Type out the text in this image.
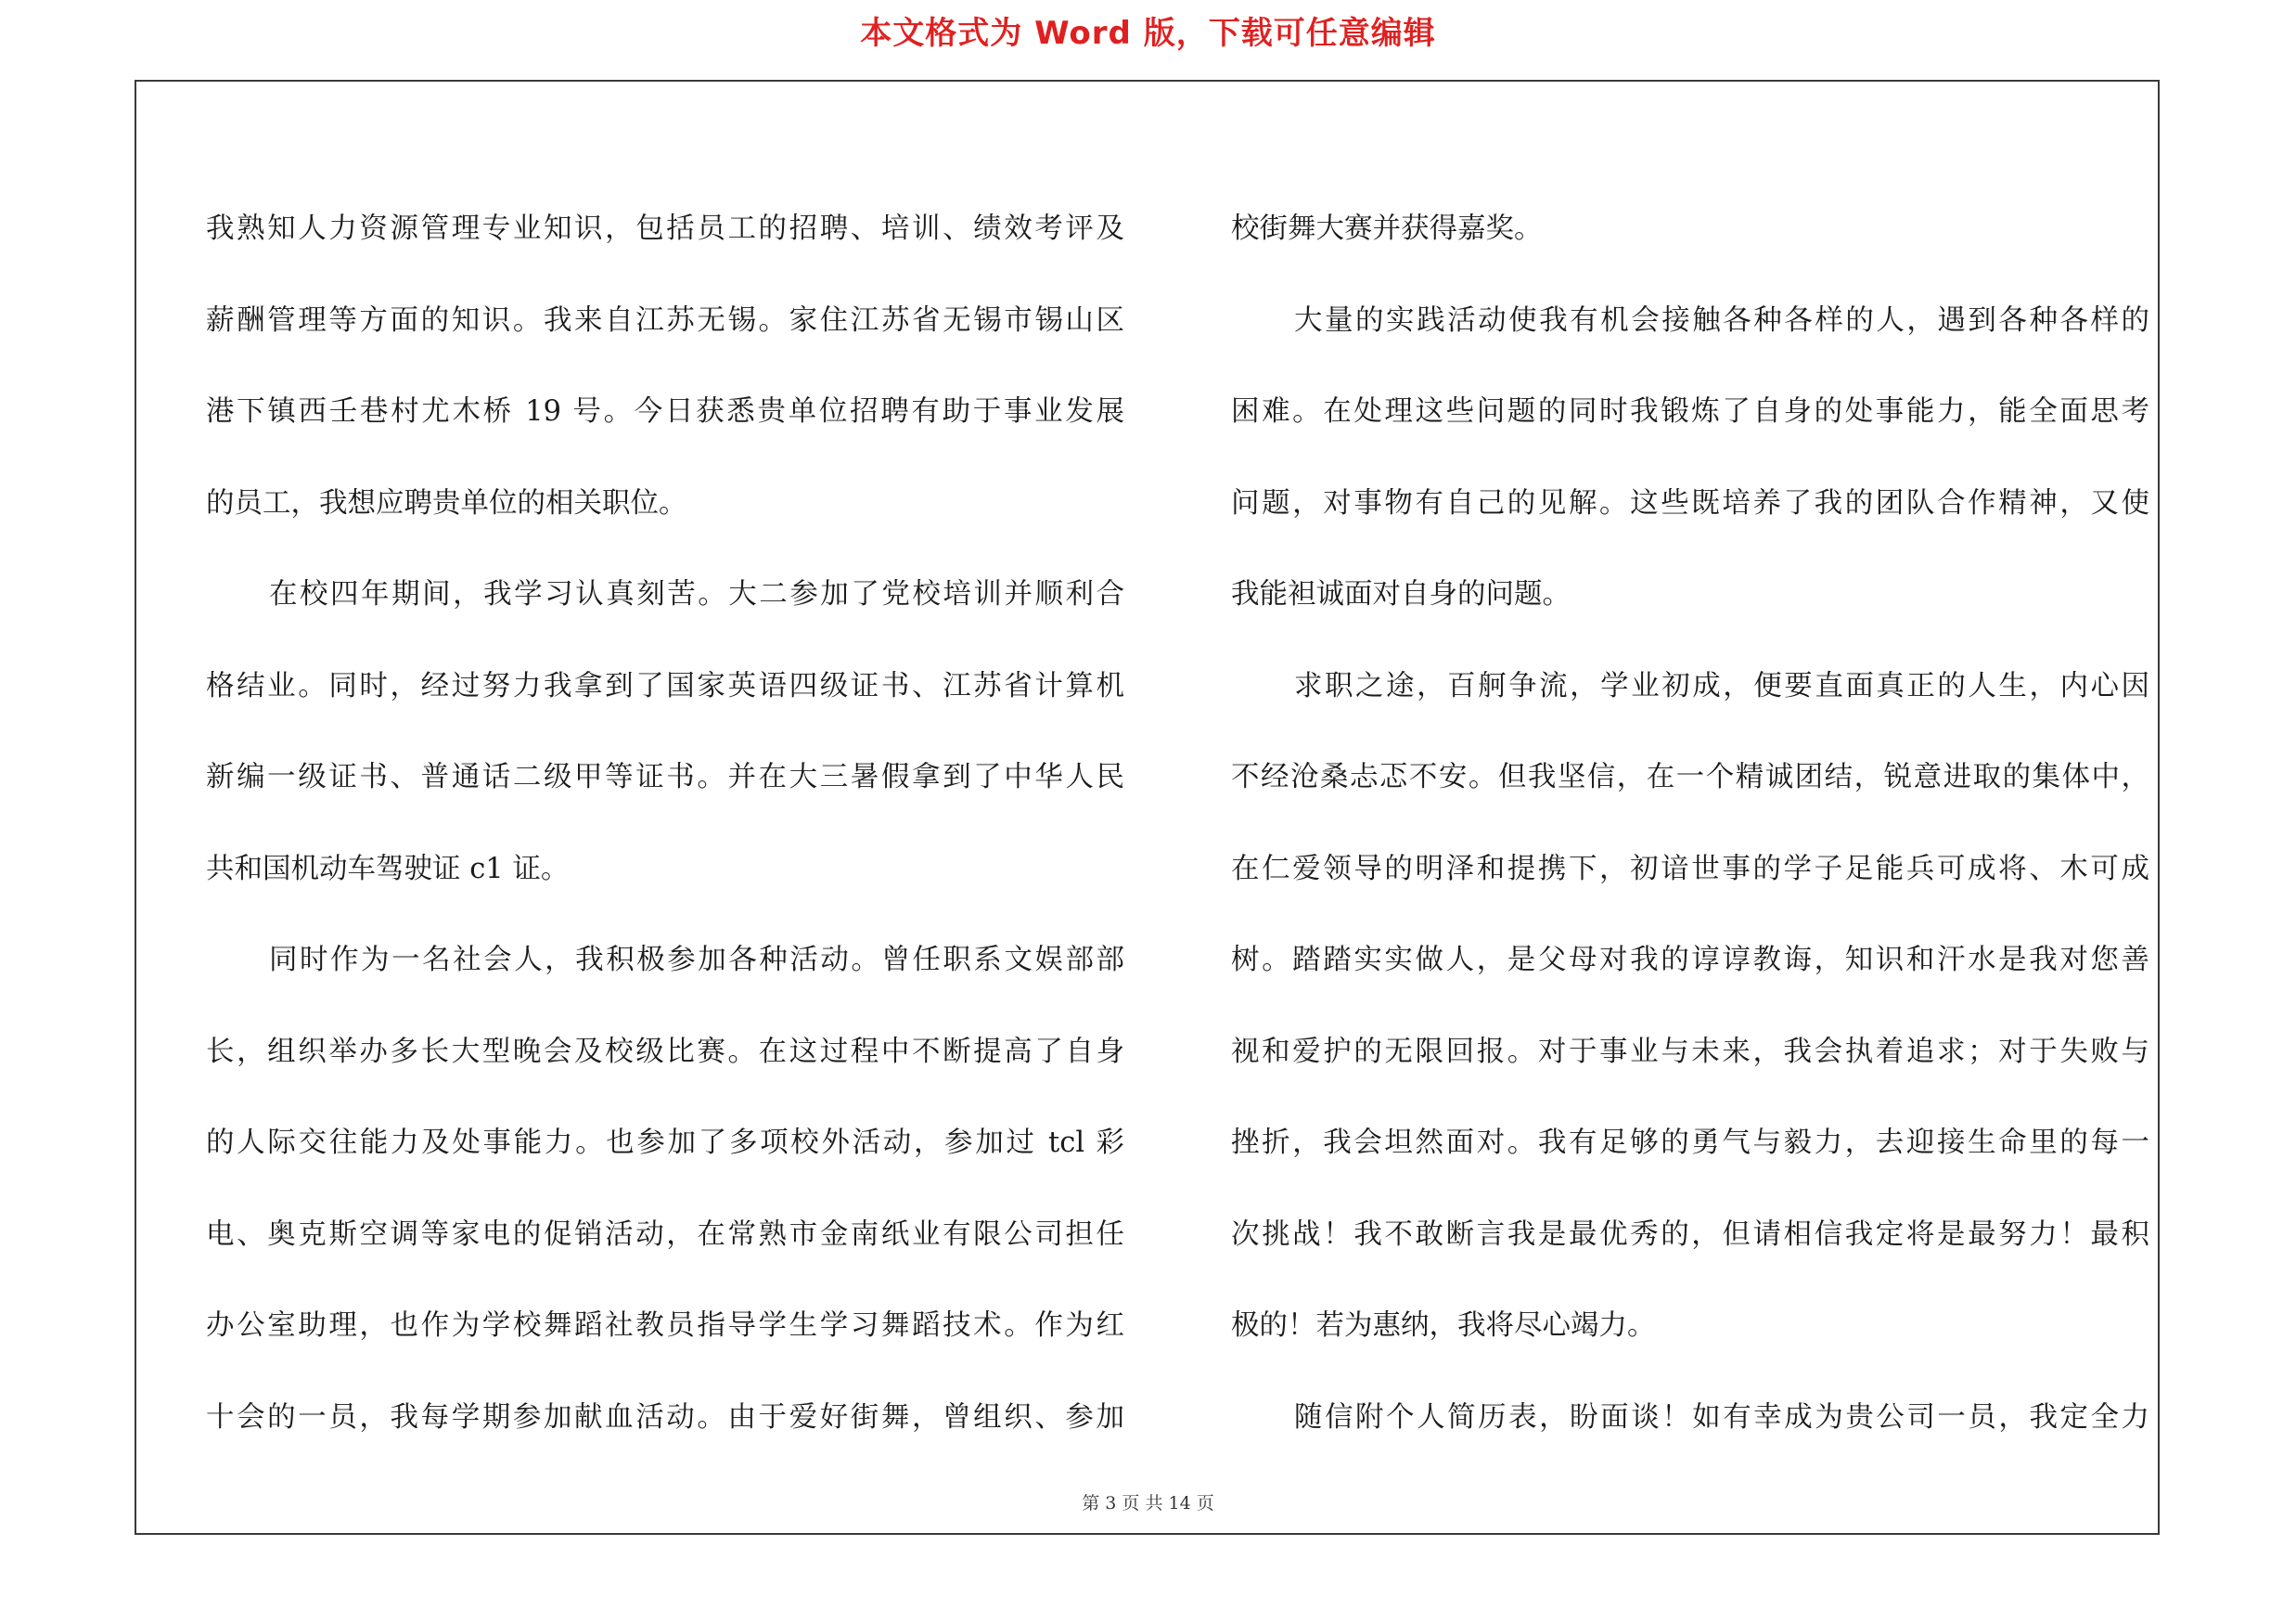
本文格式为 Word 版，下载可任意编辑
我熟知人力资源管理专业知识，包括员工的招聘、培训、绩效考评及
薪酬管理等方面的知识。我来自江苏无锡。家住江苏省无锡市锡山区
港下镇西壬巷村尤木桥 19 号。今日获悉贵单位招聘有助于事业发展
的员工，我想应聘贵单位的相关职位。
在校四年期间，我学习认真刻苦。大二参加了党校培训并顺利合
格结业。同时，经过努力我拿到了国家英语四级证书、江苏省计算机
新编一级证书、普通话二级甲等证书。并在大三暑假拿到了中华人民
共和国机动车驾驶证 c1 证。
同时作为一名社会人，我积极参加各种活动。曾任职系文娱部部
长，组织举办多长大型晚会及校级比赛。在这过程中不断提高了自身
的人际交往能力及处事能力。也参加了多项校外活动，参加过 tcl 彩
电、奥克斯空调等家电的促销活动，在常熟市金南纸业有限公司担任
办公室助理，也作为学校舞蹈社教员指导学生学习舞蹈技术。作为红
十会的一员，我每学期参加献血活动。由于爱好街舞，曾组织、参加
校街舞大赛并获得嘉奖。
大量的实践活动使我有机会接触各种各样的人，遇到各种各样的
困难。在处理这些问题的同时我锻炼了自身的处事能力，能全面思考
问题，对事物有自己的见解。这些既培养了我的团队合作精神，又使
我能袒诚面对自身的问题。
求职之途，百舸争流，学业初成，便要直面真正的人生，内心因
不经沧桑忐忑不安。但我坚信，在一个精诚团结，锐意进取的集体中，
在仁爱领导的明泽和提携下，初谙世事的学子足能兵可成将、木可成
树。踏踏实实做人，是父母对我的谆谆教诲，知识和汗水是我对您善
视和爱护的无限回报。对于事业与未来，我会执着追求；对于失败与
挫折，我会坦然面对。我有足够的勇气与毅力，去迎接生命里的每一
次挑战！我不敢断言我是最优秀的，但请相信我定将是最努力！最积
极的！若为惠纳，我将尽心竭力。
随信附个人简历表，盼面谈！如有幸成为贵公司一员，我定全力
第 3 页 共 14 页
